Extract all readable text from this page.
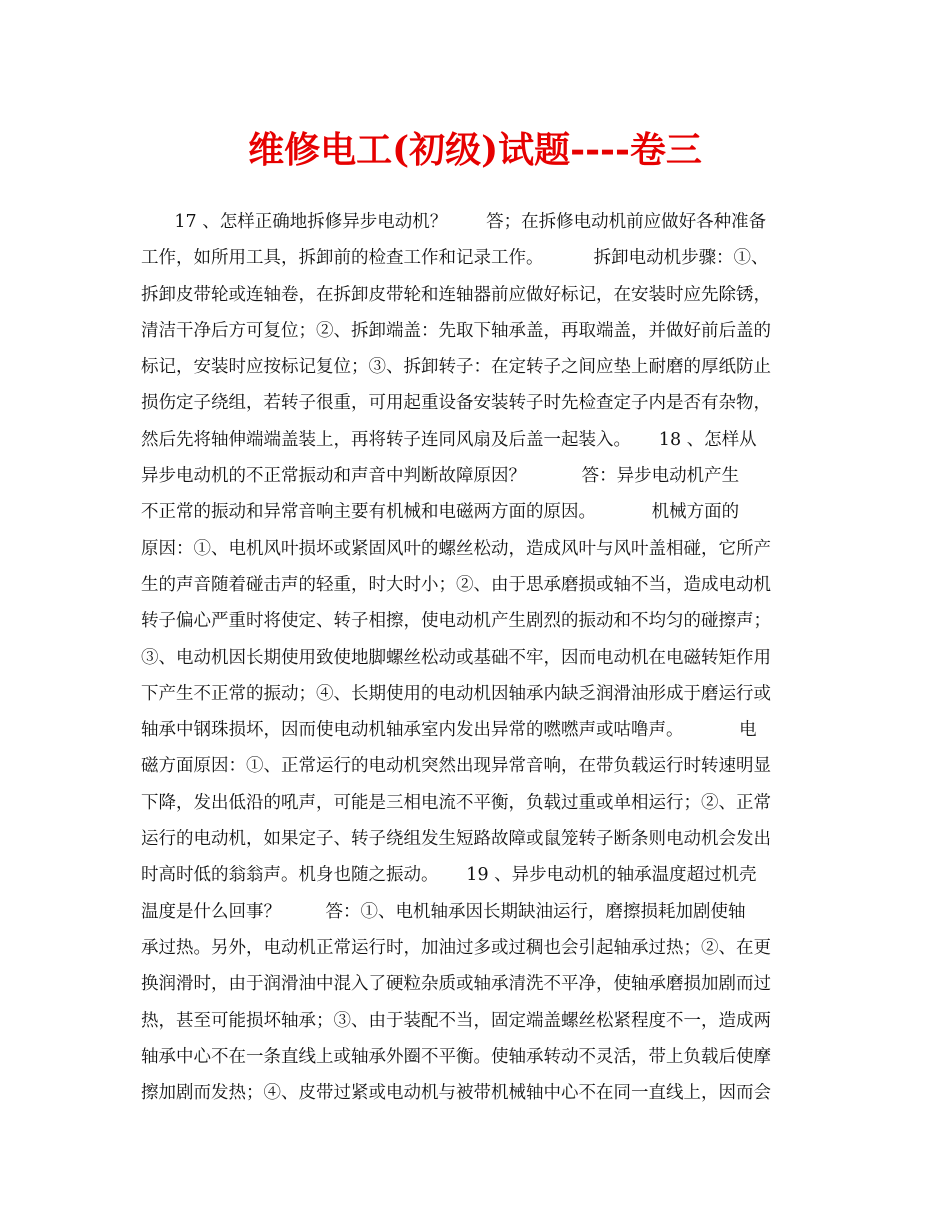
维修电工(初级)试题----卷三
17 、怎样正确地拆修异步电动机？       答；在拆修电动机前应做好各种准备
工作，如所用工具，拆卸前的检查工作和记录工作。         拆卸电动机步骤：①、
拆卸皮带轮或连轴卷，在拆卸皮带轮和连轴器前应做好标记，在安装时应先除锈，
清洁干净后方可复位；②、拆卸端盖：先取下轴承盖，再取端盖，并做好前后盖的
标记，安装时应按标记复位；③、拆卸转子：在定转子之间应垫上耐磨的厚纸防止
损伤定子绕组，若转子很重，可用起重设备安装转子时先检查定子内是否有杂物，
然后先将轴伸端端盖装上，再将转子连同风扇及后盖一起装入。     18 、怎样从
异步电动机的不正常振动和声音中判断故障原因？          答：异步电动机产生
不正常的振动和异常音响主要有机械和电磁两方面的原因。          机械方面的
原因：①、电机风叶损坏或紧固风叶的螺丝松动，造成风叶与风叶盖相碰，它所产
生的声音随着碰击声的轻重，时大时小；②、由于思承磨损或轴不当，造成电动机
转子偏心严重时将使定、转子相擦，使电动机产生剧烈的振动和不均匀的碰擦声；
③、电动机因长期使用致使地脚螺丝松动或基础不牢，因而电动机在电磁转矩作用
下产生不正常的振动；④、长期使用的电动机因轴承内缺乏润滑油形成于磨运行或
轴承中钢珠损坏，因而使电动机轴承室内发出异常的嘫嘫声或咕噜声。          电
磁方面原因：①、正常运行的电动机突然出现异常音响，在带负载运行时转速明显
下降，发出低沿的吼声，可能是三相电流不平衡，负载过重或单相运行；②、正常
运行的电动机，如果定子、转子绕组发生短路故障或鼠笼转子断条则电动机会发出
时高时低的翁翁声。机身也随之振动。     19 、异步电动机的轴承温度超过机壳
温度是什么回事？        答：①、电机轴承因长期缺油运行，磨擦损耗加剧使轴
承过热。另外，电动机正常运行时，加油过多或过稠也会引起轴承过热；②、在更
换润滑时，由于润滑油中混入了硬粒杂质或轴承清洗不平净，使轴承磨损加剧而过
热，甚至可能损坏轴承；③、由于装配不当，固定端盖螺丝松紧程度不一，造成两
轴承中心不在一条直线上或轴承外圈不平衡。使轴承转动不灵活，带上负载后使摩
擦加剧而发热；④、皮带过紧或电动机与被带机械轴中心不在同一直线上，因而会
